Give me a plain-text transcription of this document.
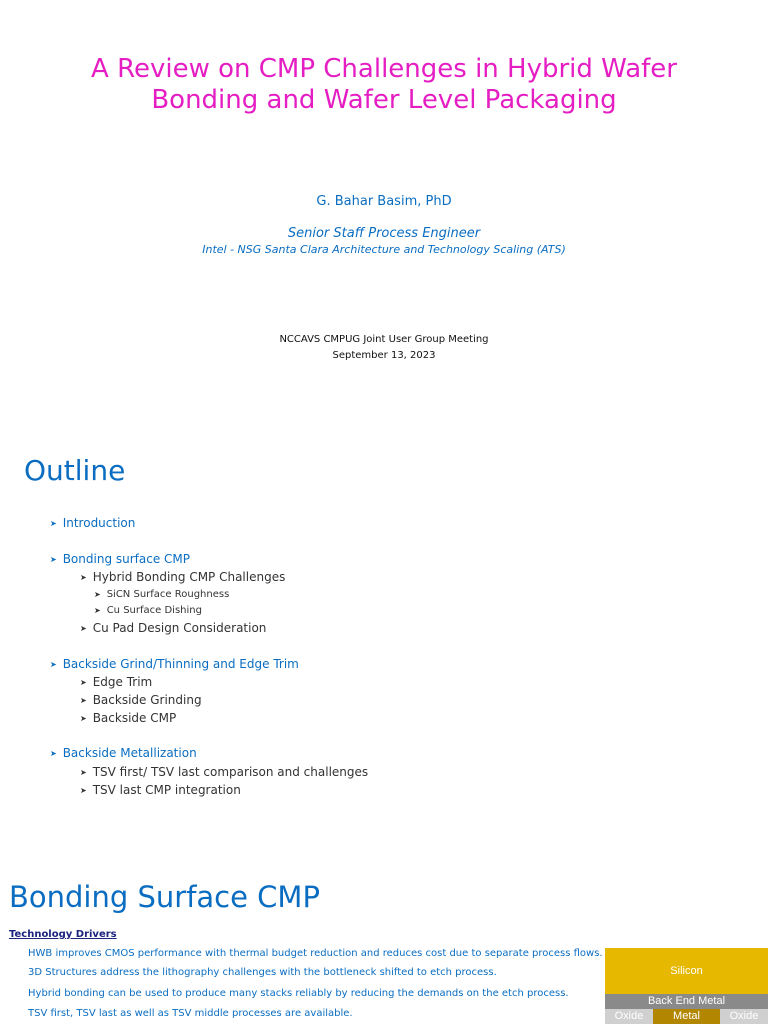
A Review on CMP Challenges in Hybrid Wafer
Bonding and Wafer Level Packaging
G. Bahar Basim, PhD
Senior Staff Process Engineer
Intel - NSG Santa Clara Architecture and Technology Scaling (ATS)
NCCAVS CMPUG Joint User Group Meeting
September 13, 2023
Outline
➤ Introduction
➤ Bonding surface CMP
➤ Hybrid Bonding CMP Challenges
➤ SiCN Surface Roughness
➤ Cu Surface Dishing
➤ Cu Pad Design Consideration
➤ Backside Grind/Thinning and Edge Trim
➤ Edge Trim
➤ Backside Grinding
➤ Backside CMP
➤ Backside Metallization
➤ TSV first/ TSV last comparison and challenges
➤ TSV last CMP integration
Bonding Surface CMP
Technology Drivers
HWB improves CMOS performance with thermal budget reduction and reduces cost due to separate process flows.
3D Structures address the lithography challenges with the bottleneck shifted to etch process.
Hybrid bonding can be used to produce many stacks reliably by reducing the demands on the etch process.
TSV first, TSV last as well as TSV middle processes are available.
Silicon
Back End Metal
Oxide	Metal	Oxide
